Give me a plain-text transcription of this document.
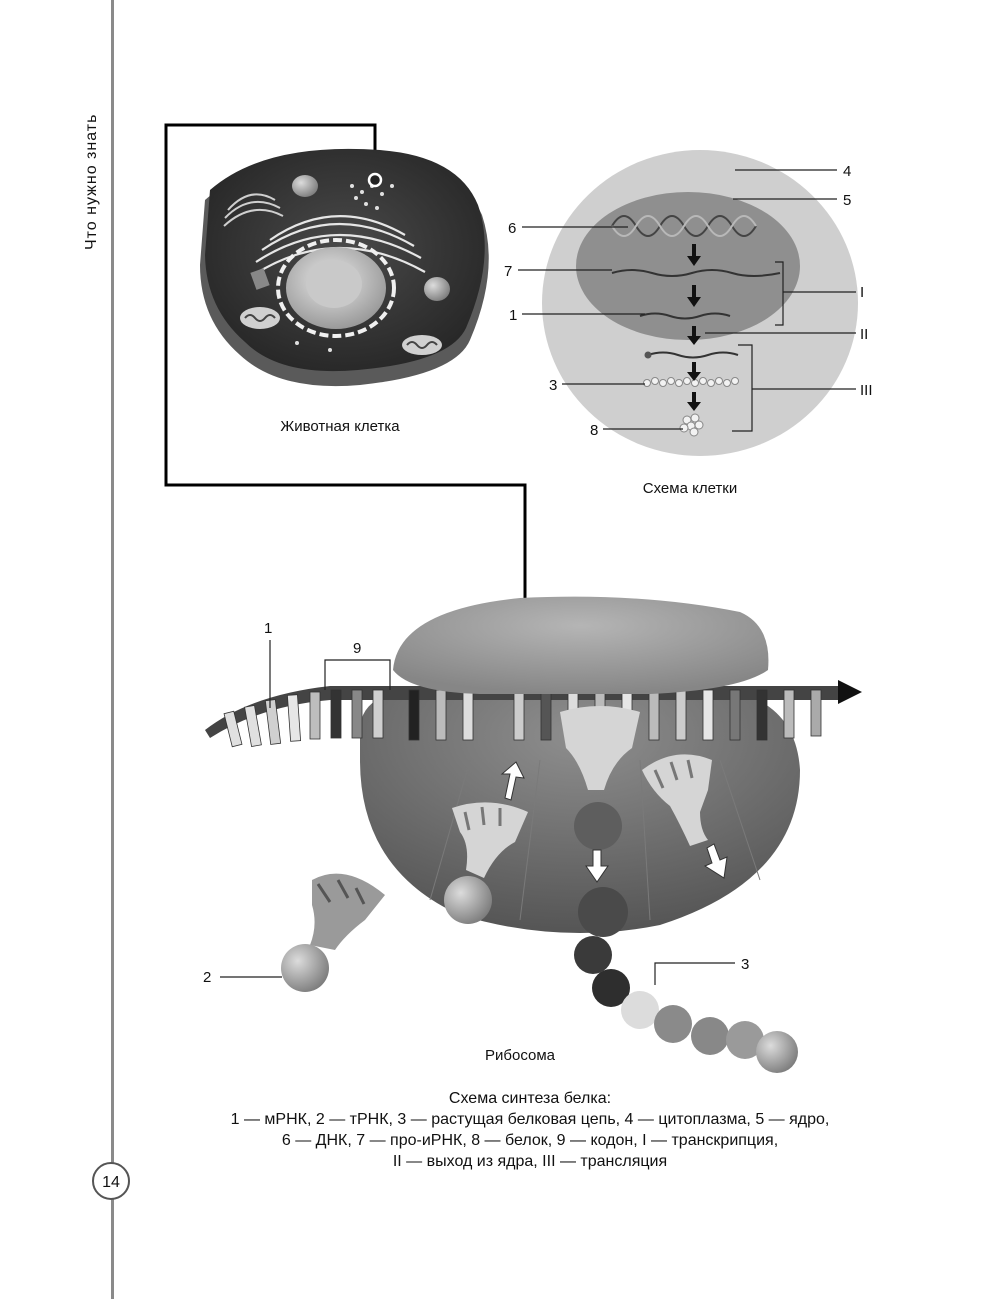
Что нужно знать	4
5
6
7
1
3
8
I
II
III
1
9
2
3
Животная клетка
Схема клетки
Рибосома
Схема синтеза белка:
1 — мРНК, 2 — тРНК, 3 — растущая белковая цепь, 4 — цитоплазма, 5 — ядро,
6 — ДНК, 7 — про-иРНК, 8 — белок, 9 — кодон, I — транскрипция,
II — выход из ядра, III — трансляция
14
